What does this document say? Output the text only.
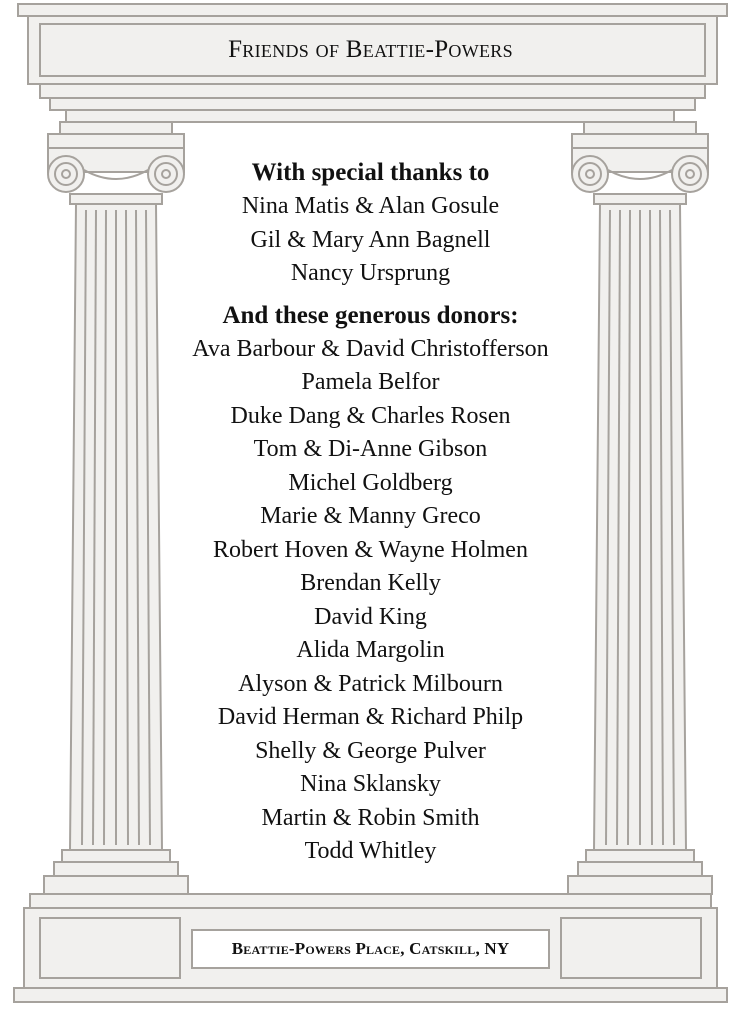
Friends of Beattie-Powers
With special thanks to
Nina Matis & Alan Gosule
Gil & Mary Ann Bagnell
Nancy Ursprung
And these generous donors:
Ava Barbour & David Christofferson
Pamela Belfor
Duke Dang & Charles Rosen
Tom & Di-Anne Gibson
Michel Goldberg
Marie & Manny Greco
Robert Hoven & Wayne Holmen
Brendan Kelly
David King
Alida Margolin
Alyson & Patrick Milbourn
David Herman & Richard Philp
Shelly & George Pulver
Nina Sklansky
Martin & Robin Smith
Todd Whitley
Beattie-Powers Place, Catskill, NY
